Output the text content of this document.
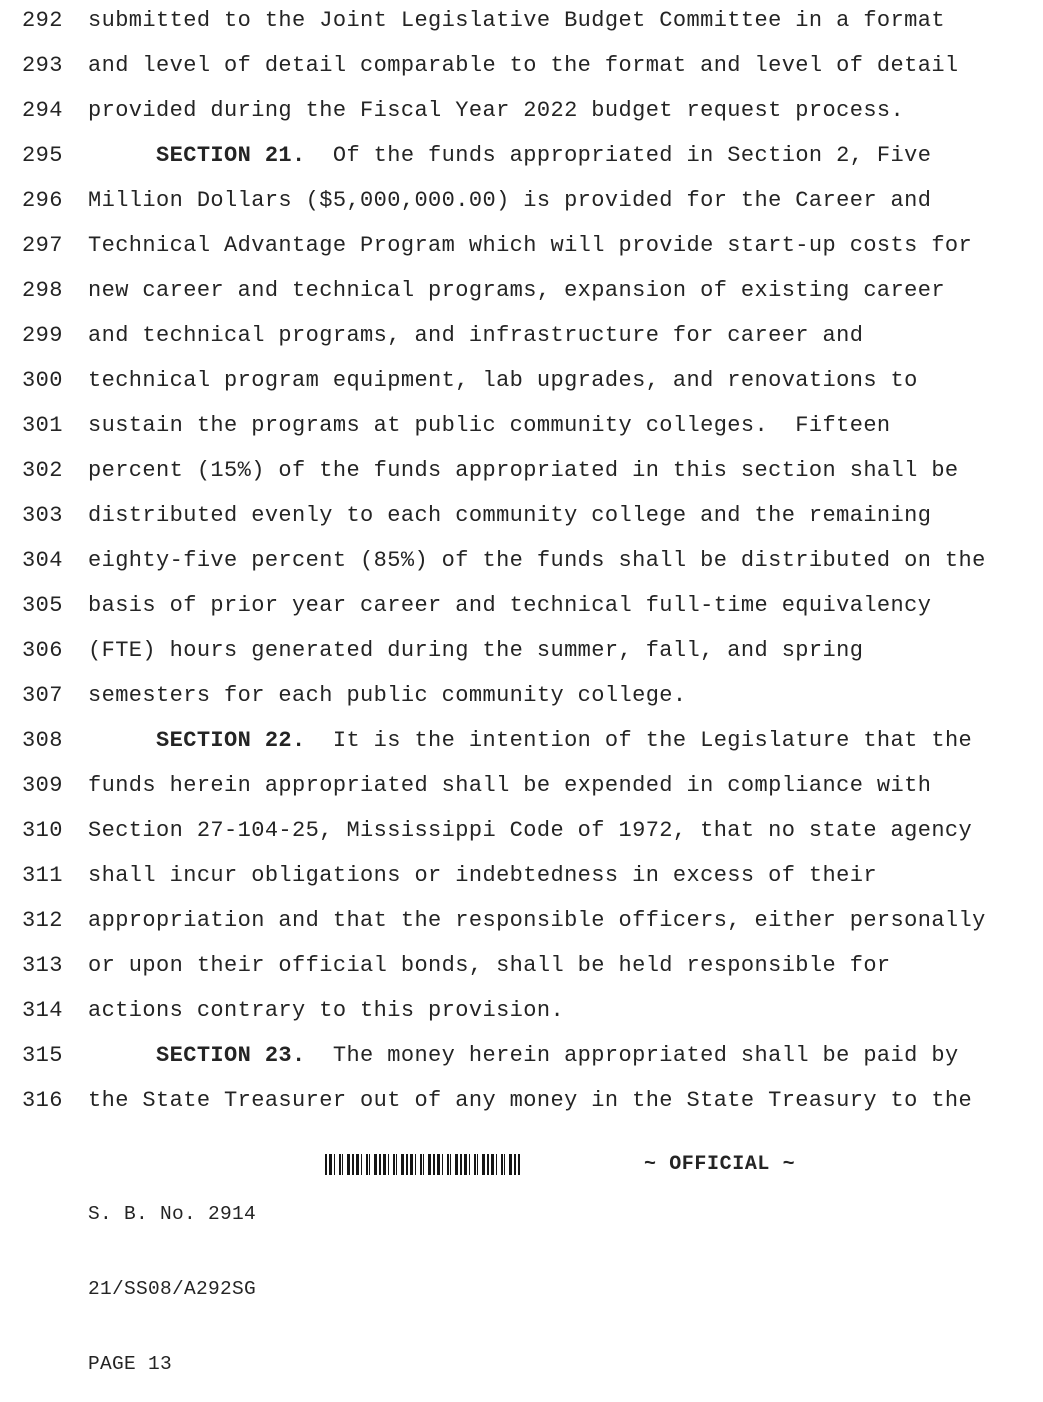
292 submitted to the Joint Legislative Budget Committee in a format
293 and level of detail comparable to the format and level of detail
294 provided during the Fiscal Year 2022 budget request process.
295	SECTION 21.  Of the funds appropriated in Section 2, Five
296 Million Dollars ($5,000,000.00) is provided for the Career and
297 Technical Advantage Program which will provide start-up costs for
298 new career and technical programs, expansion of existing career
299 and technical programs, and infrastructure for career and
300 technical program equipment, lab upgrades, and renovations to
301 sustain the programs at public community colleges.  Fifteen
302 percent (15%) of the funds appropriated in this section shall be
303 distributed evenly to each community college and the remaining
304 eighty-five percent (85%) of the funds shall be distributed on the
305 basis of prior year career and technical full-time equivalency
306 (FTE) hours generated during the summer, fall, and spring
307 semesters for each public community college.
308	SECTION 22.  It is the intention of the Legislature that the
309 funds herein appropriated shall be expended in compliance with
310 Section 27-104-25, Mississippi Code of 1972, that no state agency
311 shall incur obligations or indebtedness in excess of their
312 appropriation and that the responsible officers, either personally
313 or upon their official bonds, shall be held responsible for
314 actions contrary to this provision.
315	SECTION 23.  The money herein appropriated shall be paid by
316 the State Treasurer out of any money in the State Treasury to the

S. B. No. 2914

21/SS08/A292SG

PAGE 13

~ OFFICIAL ~
